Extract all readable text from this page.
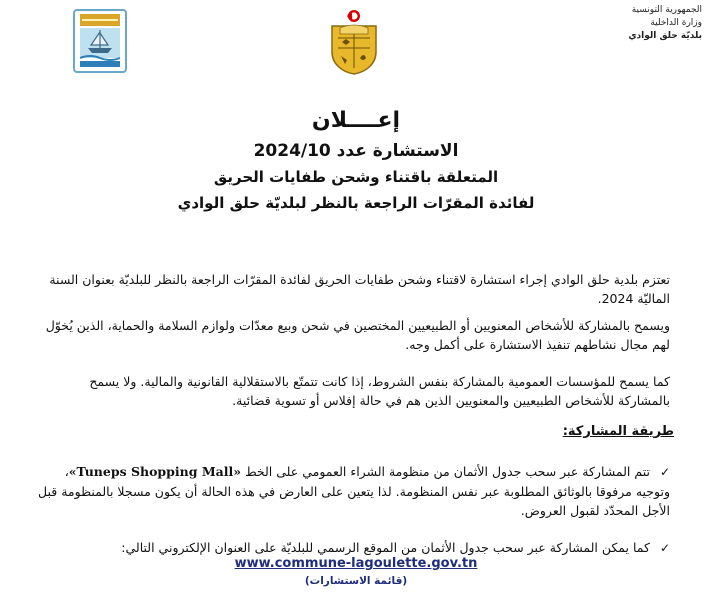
الجمهورية التونسية
وزارة الداخلية
بلديّة حلق الوادي
إعــــلان
الاستشارة عدد 2024/10
المتعلقة باقتناء وشحن طفايات الحريق
لفائدة المقرّات الراجعة بالنظر لبلديّة حلق الوادي
تعتزم بلدية حلق الوادي إجراء استشارة لاقتناء وشحن طفايات الحريق لفائدة المقرّات الراجعة بالنظر للبلديّة بعنوان السنة الماليّة 2024.
ويسمح بالمشاركة للأشخاص المعنويين أو الطبيعيين المختصين في شحن وبيع معدّات ولوازم السلامة والحماية، الذين يُخوّل لهم مجال نشاطهم تنفيذ الاستشارة على أكمل وجه.
كما يسمح للمؤسسات العمومية بالمشاركة بنفس الشروط، إذا كانت تتمتّع بالاستقلالية القانونية والمالية. ولا يسمح بالمشاركة للأشخاص الطبيعيين والمعنويين الذين هم في حالة إفلاس أو تسوية قضائية.
طريقة المشاركة:
✓ تتم المشاركة عبر سحب جدول الأثمان من منظومة الشراء العمومي على الخط «Tuneps Shopping Mall»، وتوجيه مرفوقا بالوثائق المطلوبة عبر نفس المنظومة. لذا يتعين على العارض في هذه الحالة أن يكون مسجلا بالمنظومة قبل الأجل المحدّد لقبول العروض.
✓ كما يمكن المشاركة عبر سحب جدول الأثمان من الموقع الرسمي للبلديّة على العنوان الإلكتروني التالي:
www.commune-lagoulette.gov.tn
(قائمة الاستشارات)
